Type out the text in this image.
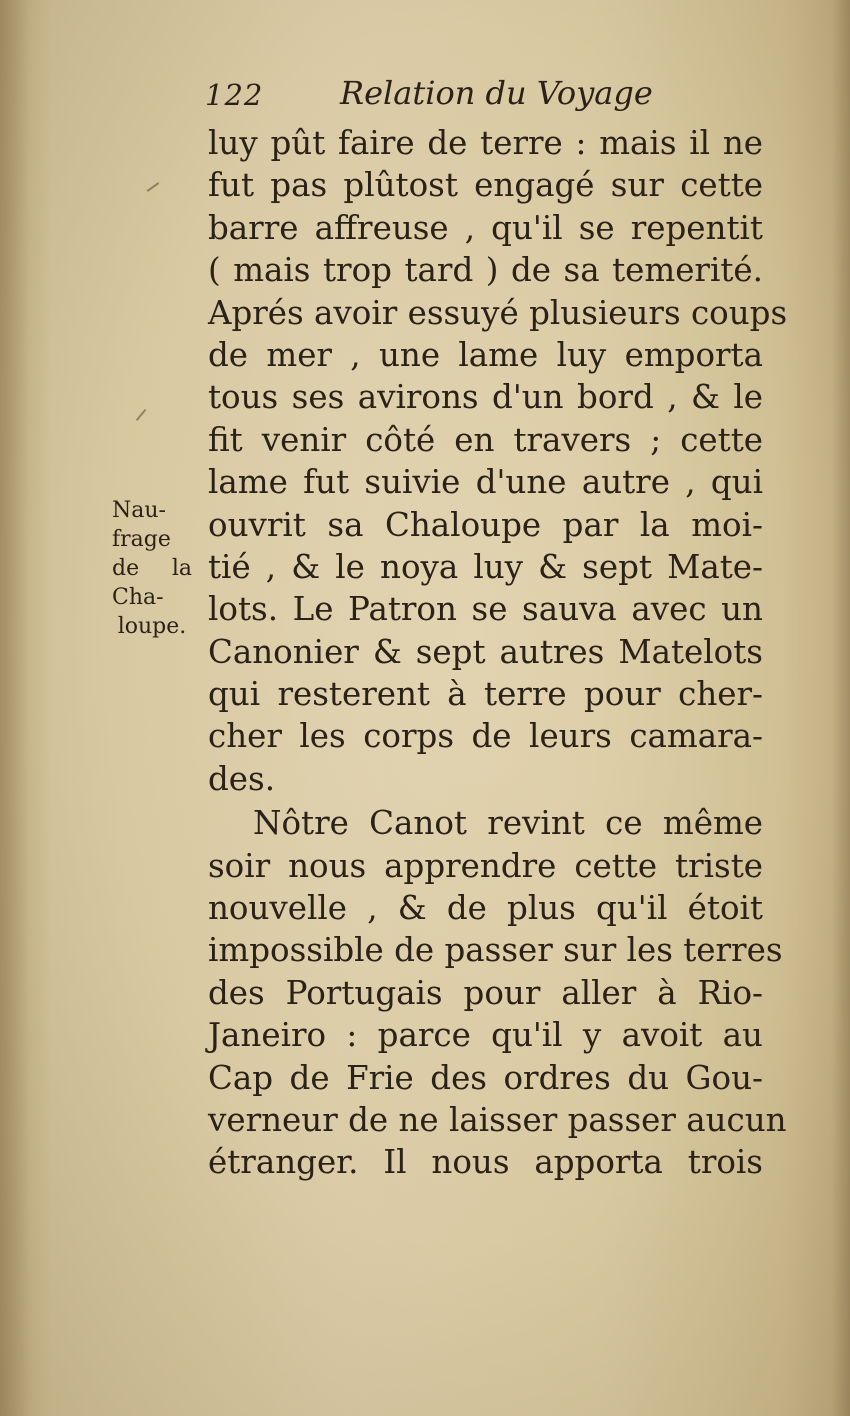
122 Relation du Voyage
Nau-
frage
de la
Cha-
loupe.
luy pût faire de terre : mais il ne
fut pas plûtost engagé sur cette
barre affreuse , qu'il se repentit
( mais trop tard ) de sa temerité.
Aprés avoir essuyé plusieurs coups
de mer , une lame luy emporta
tous ses avirons d'un bord , & le
fit venir côté en travers ; cette
lame fut suivie d'une autre , qui
ouvrit sa Chaloupe par la moi-
tié , & le noya luy & sept Mate-
lots. Le Patron se sauva avec un
Canonier & sept autres Matelots
qui resterent à terre pour cher-
cher les corps de leurs camara-
des.
Nôtre Canot revint ce même
soir nous apprendre cette triste
nouvelle , & de plus qu'il étoit
impossible de passer sur les terres
des Portugais pour aller à Rio-
Janeiro : parce qu'il y avoit au
Cap de Frie des ordres du Gou-
verneur de ne laisser passer aucun
étranger. Il nous apporta trois
